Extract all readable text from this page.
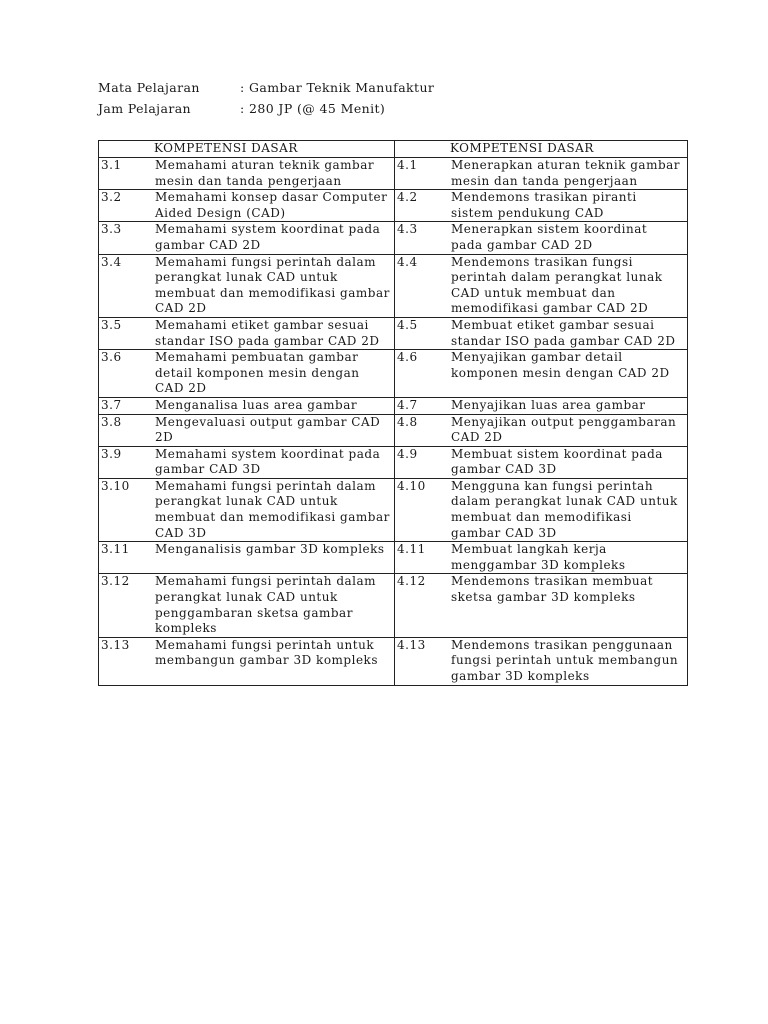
Mata Pelajaran	: Gambar Teknik Manufaktur
Jam Pelajaran	: 280 JP (@ 45 Menit)
KOMPETENSI DASAR	KOMPETENSI DASAR

3.1 Memahami aturan teknik gambar mesin dan tanda pengerjaan	4.1 Menerapkan aturan teknik gambar mesin dan tanda pengerjaan

3.2 Memahami konsep dasar Computer Aided Design (CAD)	4.2 Mendemons trasikan piranti sistem pendukung CAD

3.3 Memahami system koordinat pada gambar CAD 2D	4.3 Menerapkan sistem koordinat pada gambar CAD 2D

3.4 Memahami fungsi perintah dalam perangkat lunak CAD untuk membuat dan memodifikasi gambar CAD 2D	4.4 Mendemons trasikan fungsi perintah dalam perangkat lunak CAD untuk membuat dan memodifikasi gambar CAD 2D

3.5 Memahami etiket gambar sesuai standar ISO pada gambar CAD 2D	4.5 Membuat etiket gambar sesuai standar ISO pada gambar CAD 2D

3.6 Memahami pembuatan gambar detail komponen mesin dengan CAD 2D	4.6 Menyajikan gambar detail komponen mesin dengan CAD 2D

3.7 Menganalisa luas area gambar	4.7 Menyajikan luas area gambar

3.8 Mengevaluasi output gambar CAD 2D	4.8 Menyajikan output penggambaran CAD 2D

3.9 Memahami system koordinat pada gambar CAD 3D	4.9 Membuat sistem koordinat pada gambar CAD 3D

3.10 Memahami fungsi perintah dalam perangkat lunak CAD untuk membuat dan memodifikasi gambar CAD 3D	4.10 Mengguna kan fungsi perintah dalam perangkat lunak CAD untuk membuat dan memodifikasi gambar CAD 3D

3.11 Menganalisis gambar 3D kompleks	4.11 Membuat langkah kerja menggambar 3D kompleks

3.12 Memahami fungsi perintah dalam perangkat lunak CAD untuk penggambaran sketsa gambar kompleks	4.12 Mendemons trasikan membuat sketsa gambar 3D kompleks

3.13 Memahami fungsi perintah untuk membangun gambar 3D kompleks	4.13 Mendemons trasikan penggunaan fungsi perintah untuk membangun gambar 3D kompleks
